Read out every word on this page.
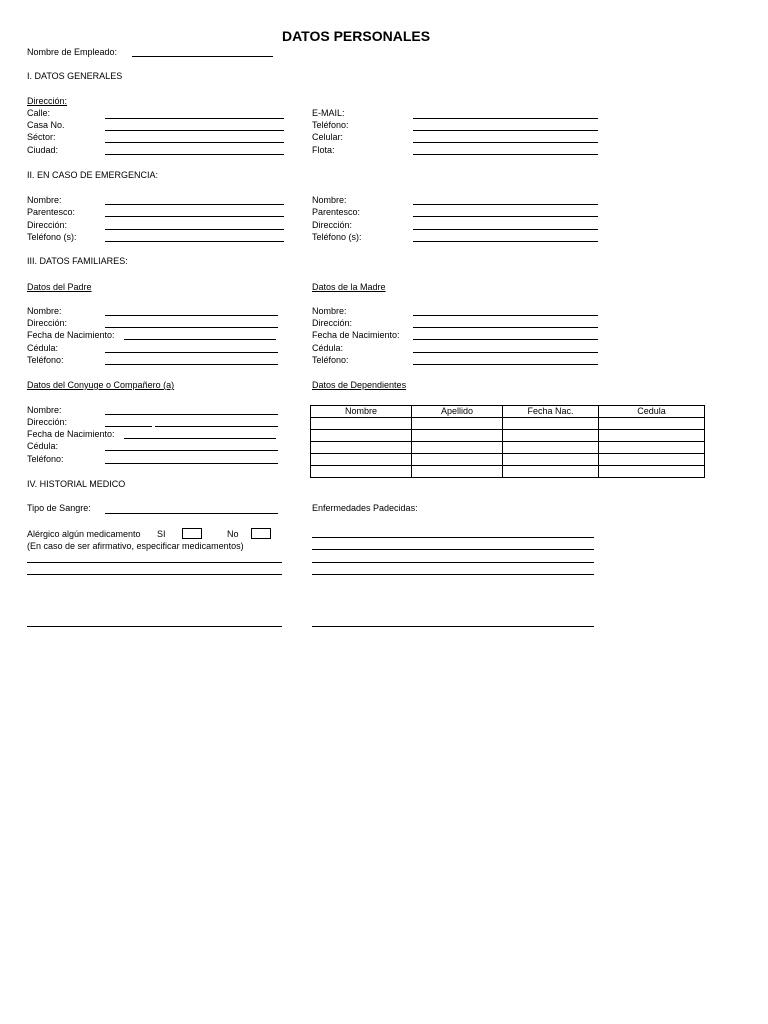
DATOS PERSONALES
Nombre de Empleado:
I. DATOS GENERALES
Dirección:
Calle:
Casa No.
Séctor:
Ciudad:
E-MAIL:
Teléfono:
Celular:
Flota:
II. EN CASO DE EMERGENCIA:
Nombre:
Parentesco:
Dirección:
Teléfono (s):
Nombre:
Parentesco:
Dirección:
Teléfono (s):
III. DATOS FAMILIARES:
Datos del Padre	Datos de la Madre
Nombre:
Dirección:
Fecha de Nacimiento:
Cédula:
Teléfono:
Nombre:
Dirección:
Fecha de Nacimiento:
Cédula:
Teléfono:
Datos del Conyuge o Compañero (a)
Nombre:
Dirección:
Fecha de Nacimiento:
Cédula:
Teléfono:
Datos de Dependientes
Nombre	Apellido	Fecha Nac.	Cedula

IV. HISTORIAL MEDICO
Tipo de Sangre:	Enfermedades Padecidas:
Alérgico algún medicamento SI	No
(En caso de ser afirmativo, especificar medicamentos)
